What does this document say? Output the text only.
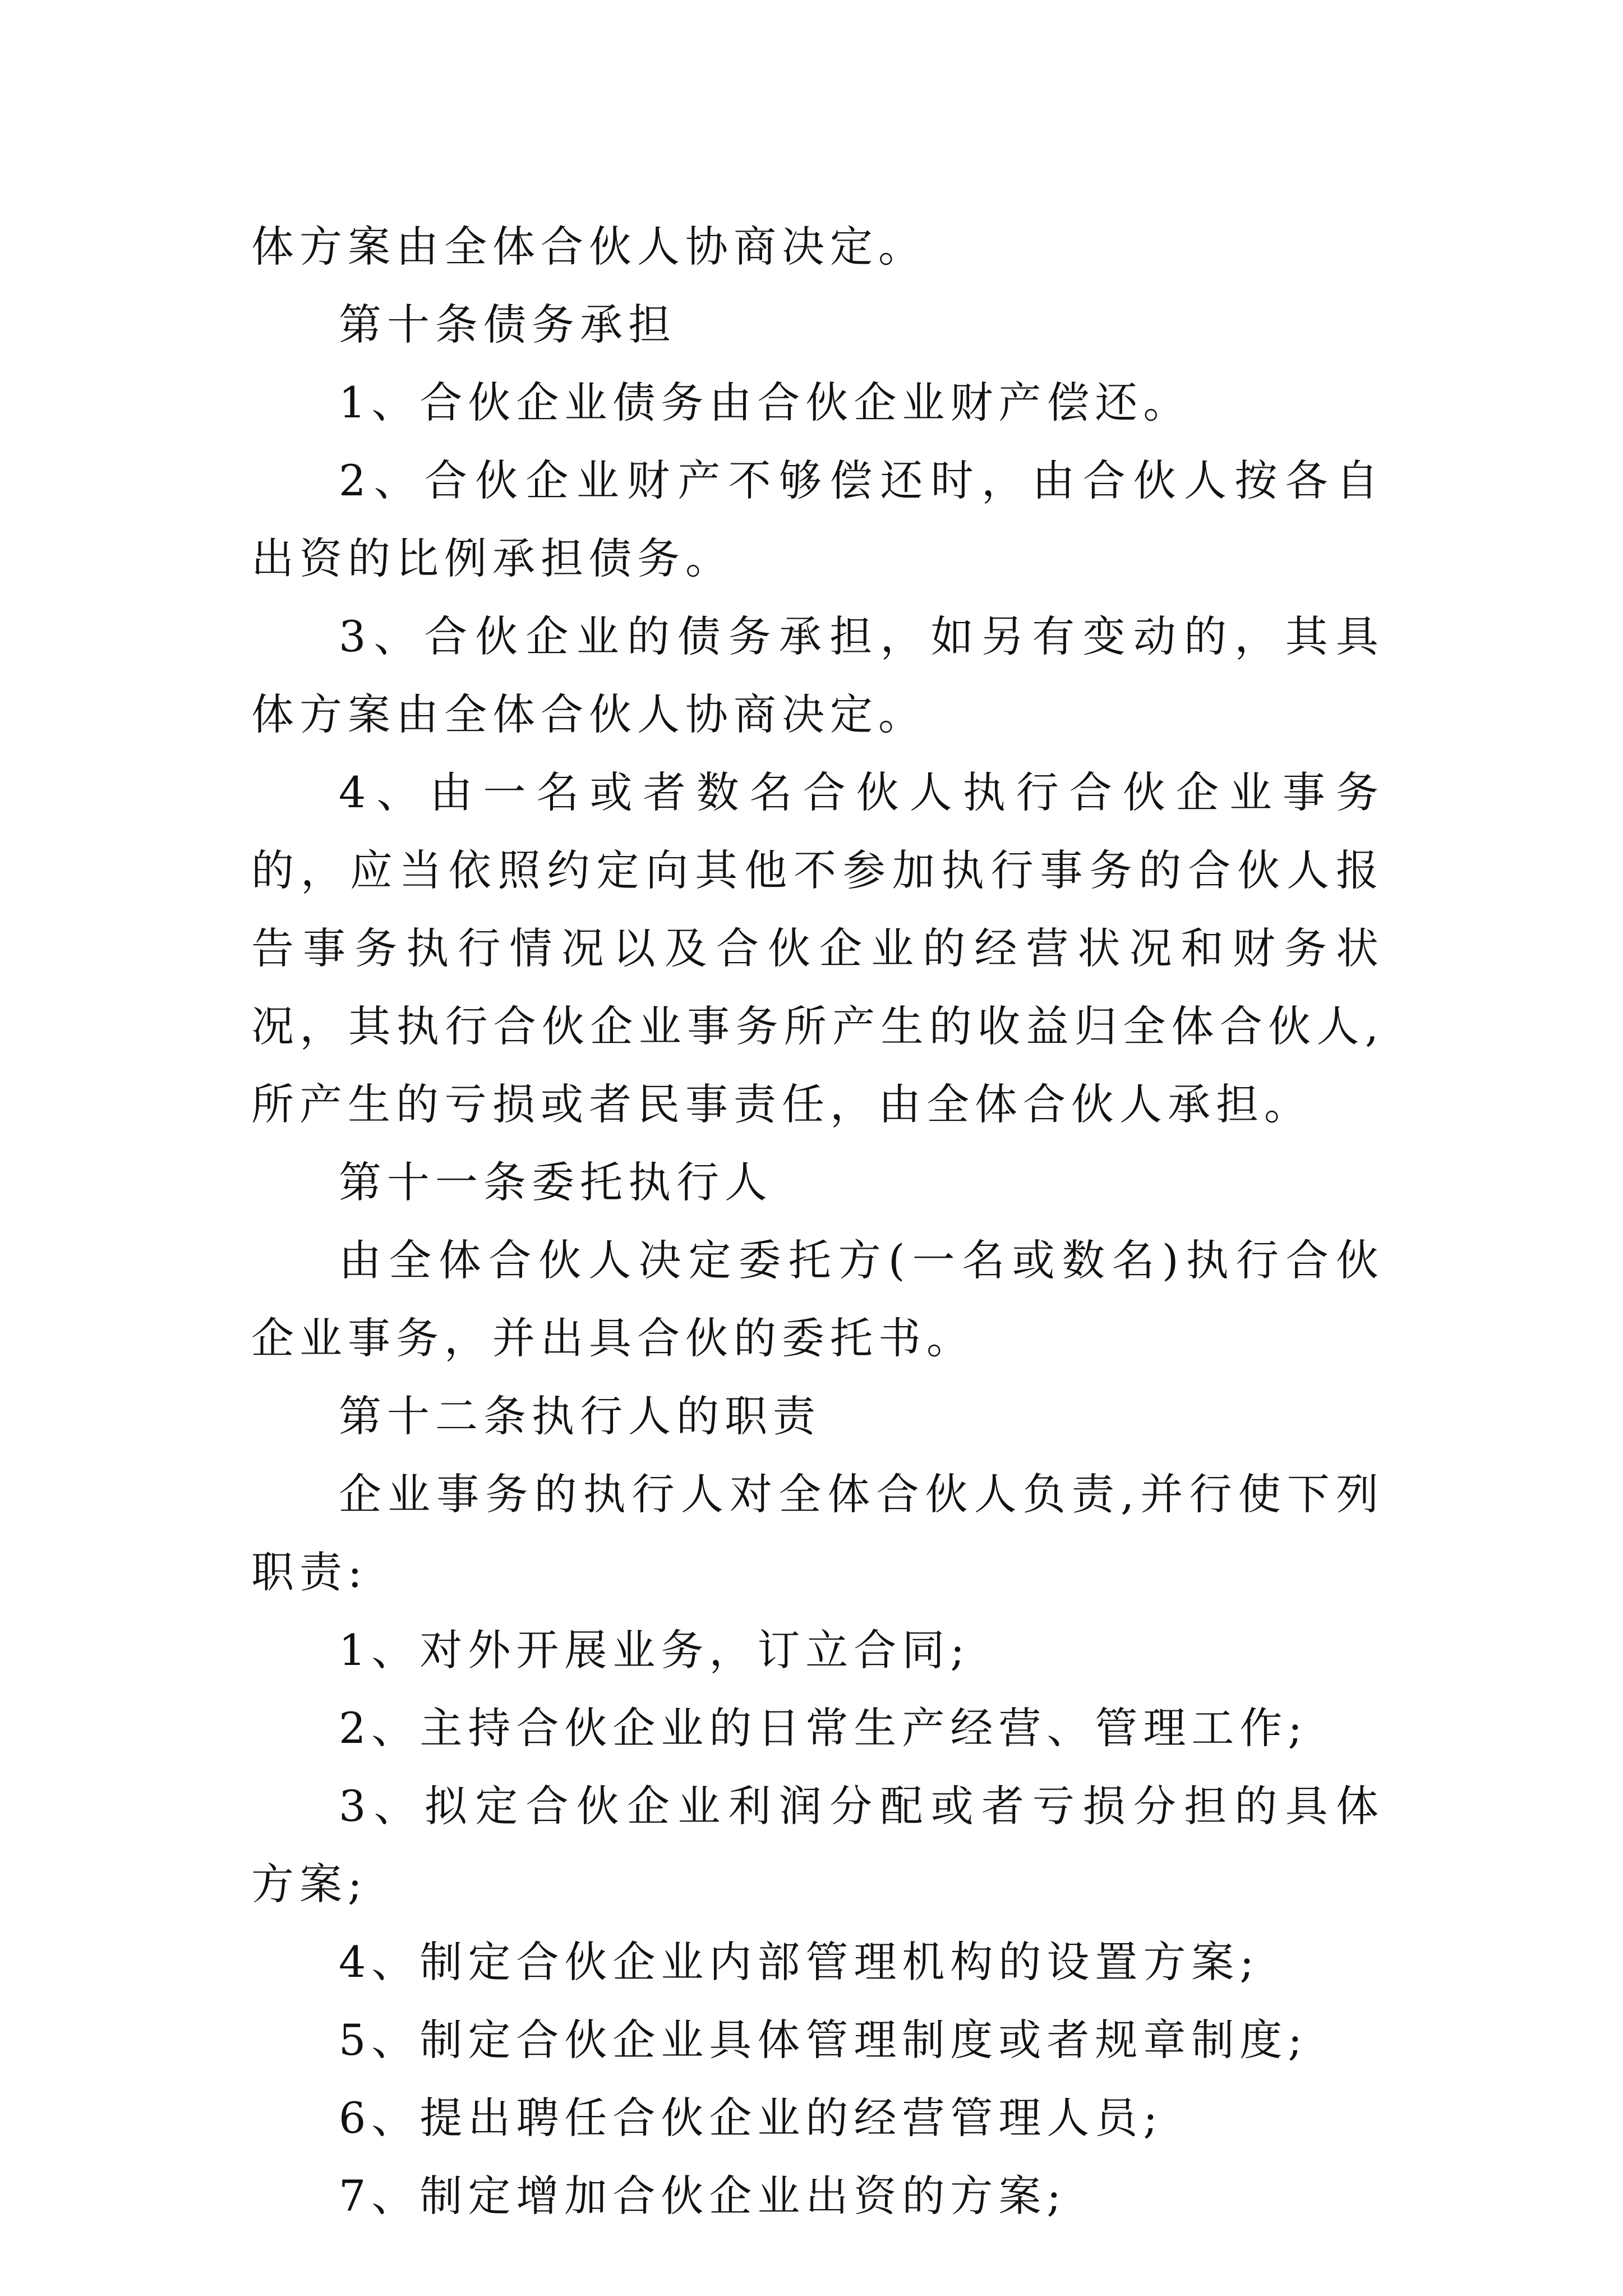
体方案由全体合伙人协商决定。

第十条债务承担

1、合伙企业债务由合伙企业财产偿还。

2、合伙企业财产不够偿还时，由合伙人按各自出资的比例承担债务。

3、合伙企业的债务承担，如另有变动的，其具体方案由全体合伙人协商决定。

4、由一名或者数名合伙人执行合伙企业事务的，应当依照约定向其他不参加执行事务的合伙人报告事务执行情况以及合伙企业的经营状况和财务状况，其执行合伙企业事务所产生的收益归全体合伙人,所产生的亏损或者民事责任，由全体合伙人承担。

第十一条委托执行人

由全体合伙人决定委托方(一名或数名)执行合伙企业事务，并出具合伙的委托书。

第十二条执行人的职责

企业事务的执行人对全体合伙人负责,并行使下列职责:

1、对外开展业务，订立合同;

2、主持合伙企业的日常生产经营、管理工作;

3、拟定合伙企业利润分配或者亏损分担的具体方案;

4、制定合伙企业内部管理机构的设置方案;

5、制定合伙企业具体管理制度或者规章制度;

6、提出聘任合伙企业的经营管理人员;

7、制定增加合伙企业出资的方案;
